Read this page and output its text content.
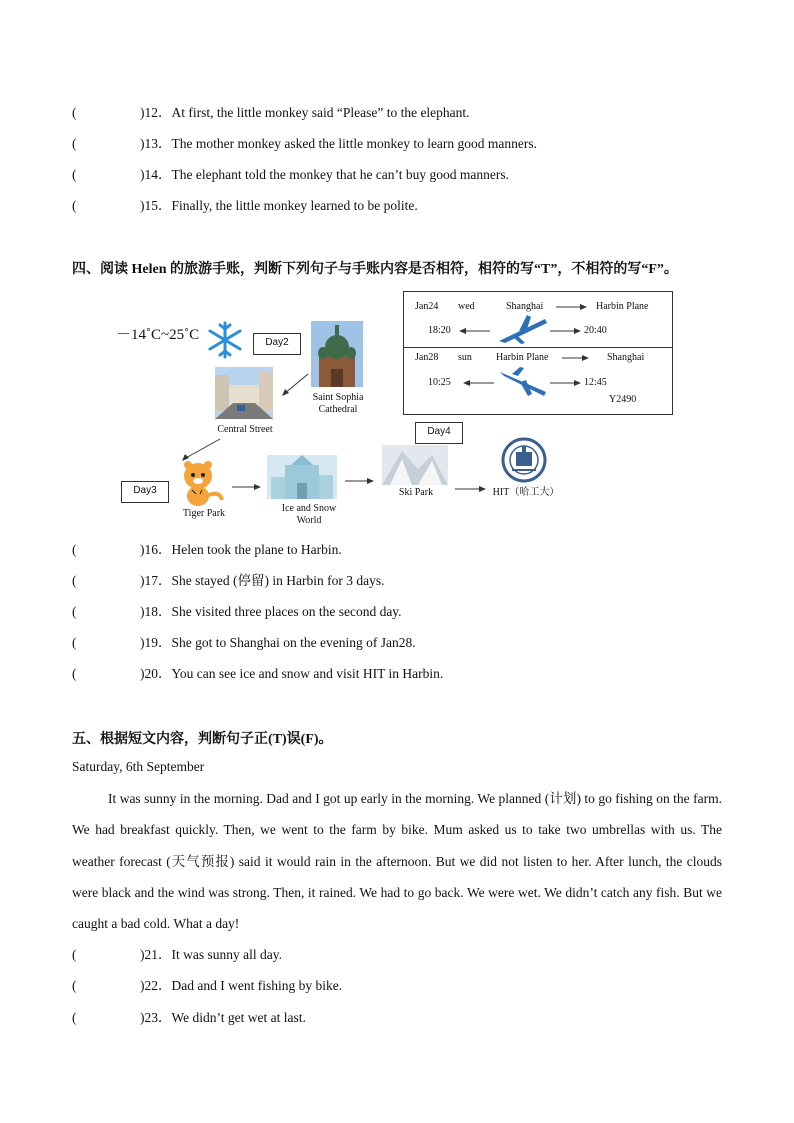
(	)12．At first, the little monkey said “Please” to the elephant.
(	)13．The mother monkey asked the little monkey to learn good manners.
(	)14．The elephant told the monkey that he can’t buy good manners.
(	)15．Finally, the little monkey learned to be polite.
四、阅读 Helen 的旅游手账，判断下列句子与手账内容是否相符，相符的写“T”，不相符的写“F”。
－14˚C~25˚C	Day2
Saint Sophia
Cathedral
Central Street
Day3
Tiger Park	Ice and Snow
World
Day4
Ski Park	HIT（哈工大）
Jan24 wed	Shanghai	Harbin Plane
18:20	20:40
Jan28 sun Harbin Plane	Shanghai
10:25	12:45
Y2490
(	)16．Helen took the plane to Harbin.
(	)17．She stayed (停留) in Harbin for 3 days.
(	)18．She visited three places on the second day.
(	)19．She got to Shanghai on the evening of Jan28.
(	)20．You can see ice and snow and visit HIT in Harbin.
五、根据短文内容，判断句子正(T)误(F)。
Saturday, 6th September
It was sunny in the morning. Dad and I got up early in the morning. We planned (计划) to go fishing on the farm. We had breakfast quickly. Then, we went to the farm by bike. Mum asked us to take two umbrellas with us. The weather forecast (天气预报) said it would rain in the afternoon. But we did not listen to her. After lunch, the clouds were black and the wind was strong. Then, it rained. We had to go back. We were wet. We didn’t catch any fish. But we caught a bad cold. What a day!
(	)21．It was sunny all day.
(	)22．Dad and I went fishing by bike.
(	)23．We didn’t get wet at last.
